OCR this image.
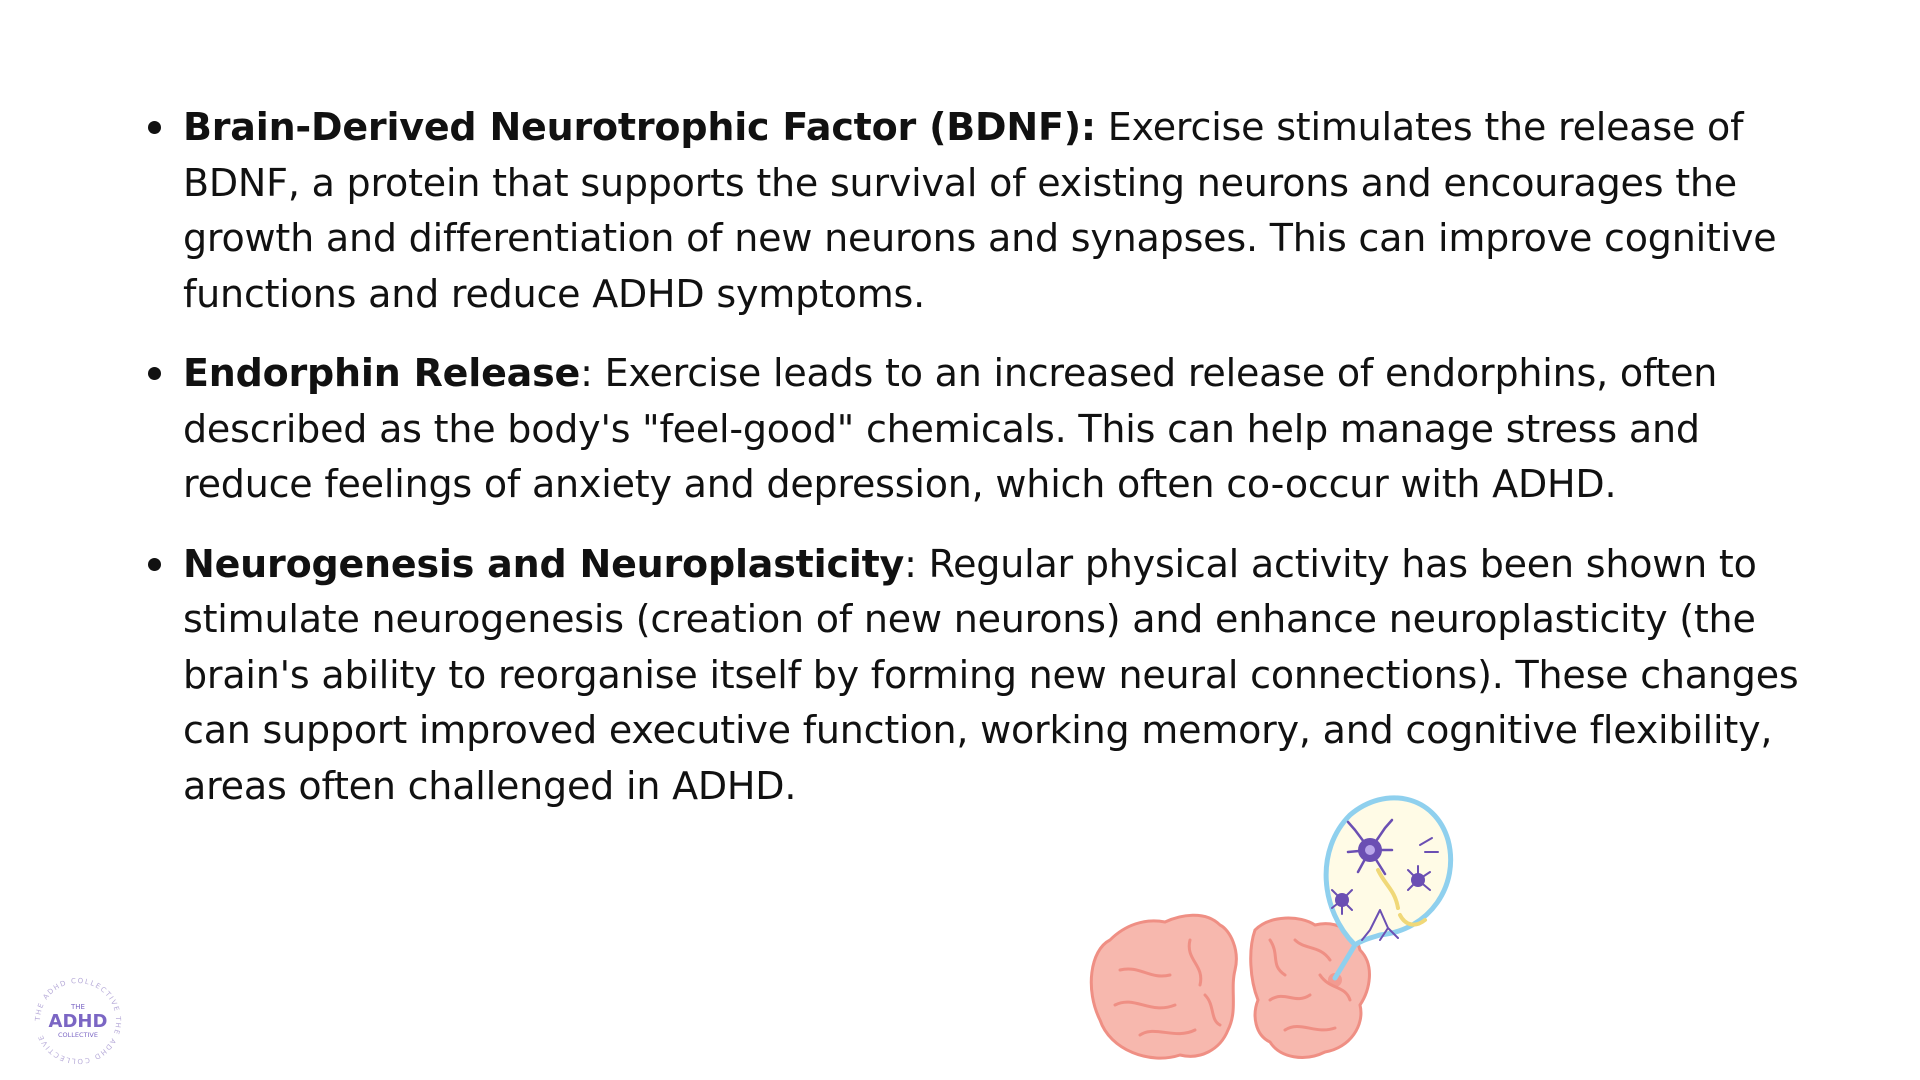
Brain-Derived Neurotrophic Factor (BDNF): Exercise stimulates the release of BDNF, a protein that supports the survival of existing neurons and encourages the growth and differentiation of new neurons and synapses. This can improve cognitive functions and reduce ADHD symptoms.
Endorphin Release: Exercise leads to an increased release of endorphins, often described as the body's "feel-good" chemicals. This can help manage stress and reduce feelings of anxiety and depression, which often co-occur with ADHD.
Neurogenesis and Neuroplasticity: Regular physical activity has been shown to stimulate neurogenesis (creation of new neurons) and enhance neuroplasticity (the brain's ability to reorganise itself by forming new neural connections). These changes can support improved executive function, working memory, and cognitive flexibility, areas often challenged in ADHD.
THE ADHD COLLECTIVE THE ADHD COLLECTIVE
THE
ADHD
COLLECTIVE
